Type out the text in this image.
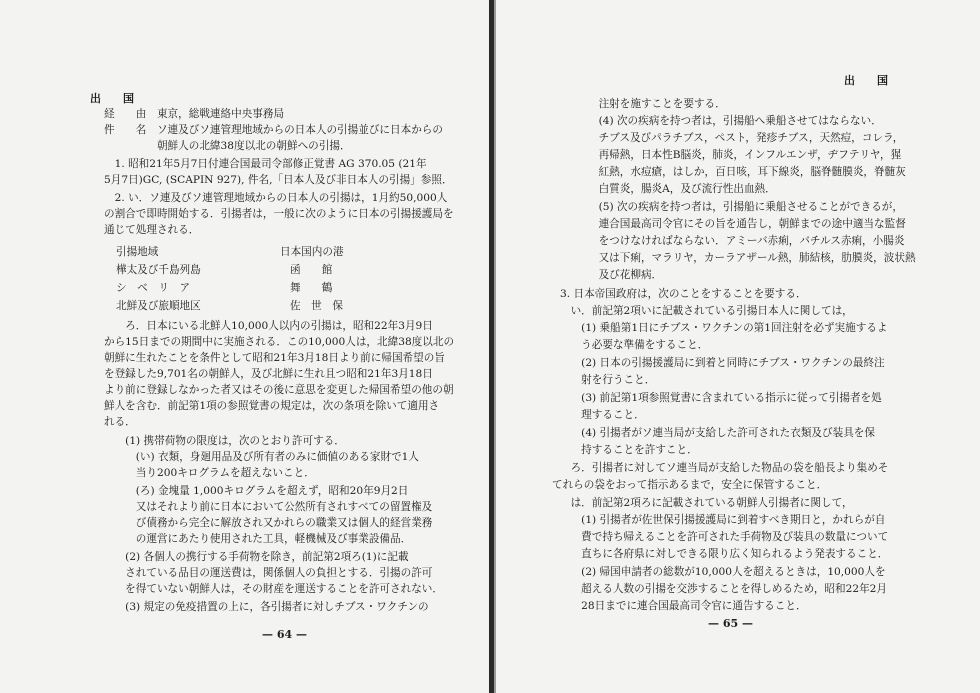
出　　国
経　　由　東京，総戦連絡中央事務局
件　　名　ソ連及びソ連管理地域からの日本人の引揚並びに日本からの
　　　　　朝鮮人の北緯38度以北の朝鮮への引揚．
　1. 昭和21年5月7日付連合国最司令部修正覚書 AG 370.05 (21年
5月7日)GC, (SCAPIN 927), 件名,「日本人及び非日本人の引揚」参照．
　2. い．ソ連及びソ連管理地域からの日本人の引揚は，1月約50,000人
の割合で即時開始する．引揚者は，一般に次のように日本の引揚援護局を
通じて処理される．
引揚地域	日本国内の港
樺太及び千島列島	函　　館
シ　ベ　リ　ア	舞　　鶴
北鮮及び旅順地区	佐　世　保
　　ろ．日本にいる北鮮人10,000人以内の引揚は，昭和22年3月9日
から15日までの期間中に実施される．この10,000人は，北緯38度以北の
朝鮮に生れたことを条件として昭和21年3月18日より前に帰国希望の旨
を登録した9,701名の朝鮮人，及び北鮮に生れ且つ昭和21年3月18日
より前に登録しなかった者又はその後に意思を変更した帰国希望の他の朝
鮮人を含む．前記第1項の参照覚書の規定は，次の条項を除いて適用さ
れる．
　　(1) 携帯荷物の限度は，次のとおり許可する．
　　　(い) 衣類，身廻用品及び所有者のみに価値のある家財で1人
　　　当り200キログラムを超えないこと．
　　　(ろ) 金塊量 1,000キログラムを超えず，昭和20年9月2日
　　　又はそれより前に日本において公然所有されすべての留置権及
　　　び債務から完全に解放され又かれらの職業又は個人的経営業務
　　　の運営にあたり使用された工具，軽機械及び事業設備品．
　　(2) 各個人の携行する手荷物を除き，前記第2項ろ(1)に記載
　　されている品目の運送費は，関係個人の負担とする．引揚の許可
　　を得ていない朝鮮人は，その財産を運送することを許可されない．
　　(3) 規定の免疫措置の上に，各引揚者に対しチブス・ワクチンの
— 64 —
出　　国
　注射を施すことを要する．
　(4) 次の疾病を持つ者は，引揚船へ乗船させてはならない．
　チブス及びパラチブス，ペスト，発疹チブス，天然痘，コレラ，
　再帰熱，日本性B脳炎，肺炎，インフルエンザ，ヂフテリヤ，猩
　紅熱，水痘瘡，はしか，百日咳，耳下線炎，脳脊髄膜炎，脊髄灰
　白質炎，腸炎A，及び流行性出血熱．
　(5) 次の疾病を持つ者は，引揚船に乗船させることができるが，
　連合国最高司令官にその旨を通告し，朝鮮までの途中適当な監督
　をつけなければならない．アミーバ赤痢，バチルス赤痢，小腸炎
　又は下痢，マラリヤ，カーラアザール熱，肺結核，肋膜炎，波状熱
　及び花柳病．
3. 日本帝国政府は，次のことをすることを要する．
　い．前記第2項いに記載されている引揚日本人に関しては，
　　(1) 乗船第1日にチブス・ワクチンの第1回注射を必ず実施するよ
　　う必要な準備をすること．
　　(2) 日本の引揚援護局に到着と同時にチブス・ワクチンの最終注
　　射を行うこと．
　　(3) 前記第1項参照覚書に含まれている指示に従って引揚者を処
　　理すること．
　　(4) 引揚者がソ連当局が支給した許可された衣類及び装具を保
　　持することを許すこと．
　ろ．引揚者に対してソ連当局が支給した物品の袋を船長より集めそ
てれらの袋をおって指示あるまで，安全に保管すること．
　は．前記第2項ろに記載されている朝鮮人引揚者に関して，
　　(1) 引揚者が佐世保引揚援護局に到着すべき期日と，かれらが自
　　費で持ち帰えることを許可された手荷物及び装具の数量について
　　直ちに各府県に対しできる限り広く知られるよう発表すること．
　　(2) 帰国申請者の総数が10,000人を超えるときは，10,000人を
　　超える人数の引揚を交渉することを得しめるため，昭和22年2月
　　28日までに連合国最高司令官に通告すること．
— 65 —
